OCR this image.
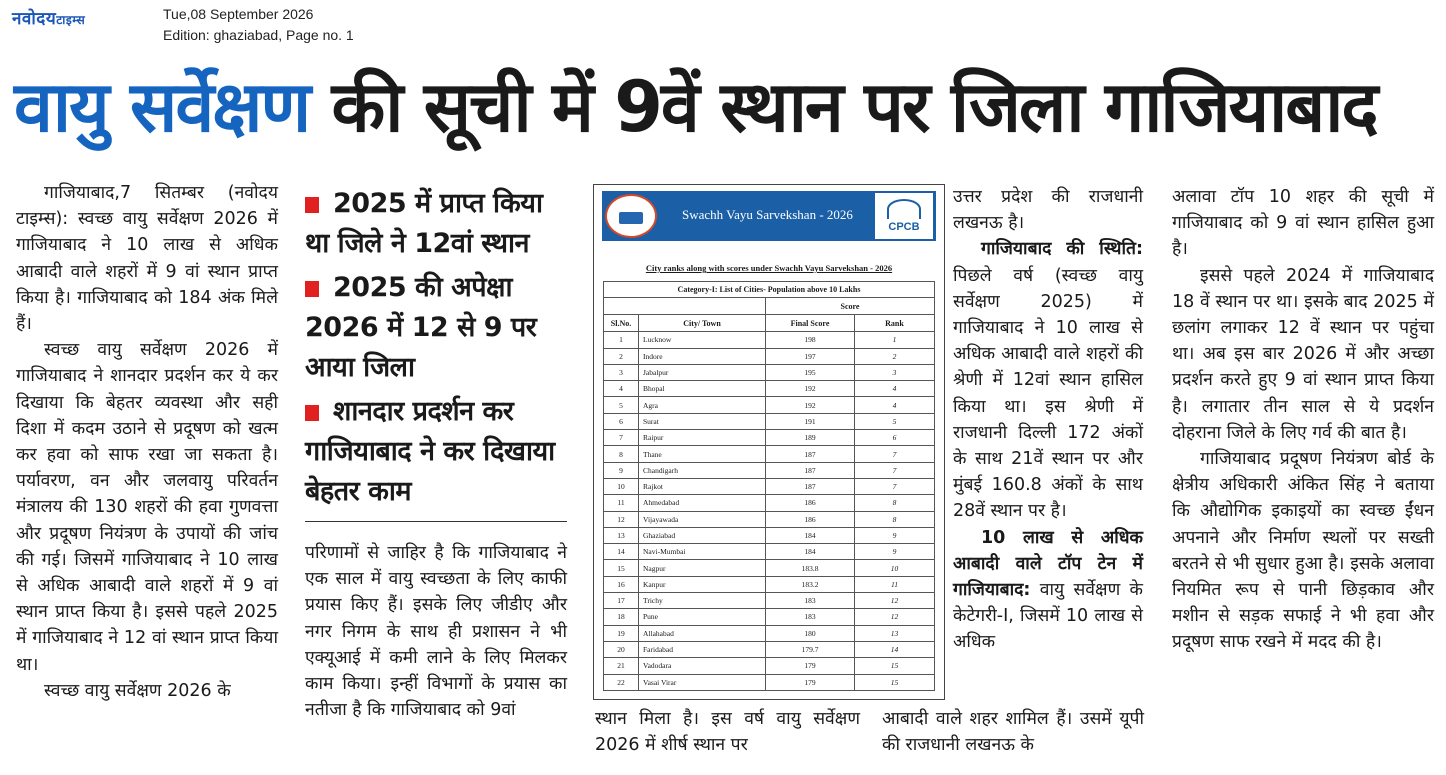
नवोदयटाइम्स	Tue,08 September 2026
Edition: ghaziabad, Page no. 1
वायु सर्वेक्षण की सूची में 9वें स्थान पर जिला गाजियाबाद

गाजियाबाद,7 सितम्बर (नवोदय टाइम्स): स्वच्छ वायु सर्वेक्षण 2026 में गाजियाबाद ने 10 लाख से अधिक आबादी वाले शहरों में 9 वां स्थान प्राप्त किया है। गाजियाबाद को 184 अंक मिले हैं।

स्वच्छ वायु सर्वेक्षण 2026 में गाजियाबाद ने शानदार प्रदर्शन कर ये कर दिखाया कि बेहतर व्यवस्था और सही दिशा में कदम उठाने से प्रदूषण को खत्म कर हवा को साफ रखा जा सकता है। पर्यावरण, वन और जलवायु परिवर्तन मंत्रालय की 130 शहरों की हवा गुणवत्ता और प्रदूषण नियंत्रण के उपायों की जांच की गई। जिसमें गाजियाबाद ने 10 लाख से अधिक आबादी वाले शहरों में 9 वां स्थान प्राप्त किया है। इससे पहले 2025 में गाजियाबाद ने 12 वां स्थान प्राप्त किया था।

स्वच्छ वायु सर्वेक्षण 2026 के

2025 में प्राप्त किया था जिले ने 12वां स्थान
2025 की अपेक्षा 2026 में 12 से 9 पर आया जिला
शानदार प्रदर्शन कर गाजियाबाद ने कर दिखाया बेहतर काम

परिणामों से जाहिर है कि गाजियाबाद ने एक साल में वायु स्वच्छता के लिए काफी प्रयास किए हैं। इसके लिए जीडीए और नगर निगम के साथ ही प्रशासन ने भी एक्यूआई में कमी लाने के लिए मिलकर काम किया। इन्हीं विभागों के प्रयास का नतीजा है कि गाजियाबाद को 9वां

Swachh Vayu Sarvekshan - 2026
CPCB
City ranks along with scores under Swachh Vayu Sarvekshan - 2026
Category-I: List of Cities- Population above 10 Lakhs			
		Score	
Sl.No.	City/ Town	Final Score	Rank
1	Lucknow	198	1
2	Indore	197	2
3	Jabalpur	195	3
4	Bhopal	192	4
5	Agra	192	4
6	Surat	191	5
7	Raipur	189	6
8	Thane	187	7
9	Chandigarh	187	7
10	Rajkot	187	7
11	Ahmedabad	186	8
12	Vijayawada	186	8
13	Ghaziabad	184	9
14	Navi-Mumbai	184	9
15	Nagpur	183.8	10
16	Kanpur	183.2	11
17	Trichy	183	12
18	Pune	183	12
19	Allahabad	180	13
20	Faridabad	179.7	14
21	Vadodara	179	15
22	Vasai Virar	179	15

उत्तर प्रदेश की राजधानी लखनऊ है।

गाजियाबाद की स्थिति: पिछले वर्ष (स्वच्छ वायु सर्वेक्षण 2025) में गाजियाबाद ने 10 लाख से अधिक आबादी वाले शहरों की श्रेणी में 12वां स्थान हासिल किया था। इस श्रेणी में राजधानी दिल्ली 172 अंकों के साथ 21वें स्थान पर और मुंबई 160.8 अंकों के साथ 28वें स्थान पर है।

10 लाख से अधिक आबादी वाले टॉप टेन में गाजियाबाद: वायु सर्वेक्षण के केटेगरी-I, जिसमें 10 लाख से अधिक

स्थान मिला है। इस वर्ष वायु सर्वेक्षण 2026 में शीर्ष स्थान पर

आबादी वाले शहर शामिल हैं। उसमें यूपी की राजधानी लखनऊ के

अलावा टॉप 10 शहर की सूची में गाजियाबाद को 9 वां स्थान हासिल हुआ है।

इससे पहले 2024 में गाजियाबाद 18 वें स्थान पर था। इसके बाद 2025 में छलांग लगाकर 12 वें स्थान पर पहुंचा था। अब इस बार 2026 में और अच्छा प्रदर्शन करते हुए 9 वां स्थान प्राप्त किया है। लगातार तीन साल से ये प्रदर्शन दोहराना जिले के लिए गर्व की बात है।

गाजियाबाद प्रदूषण नियंत्रण बोर्ड के क्षेत्रीय अधिकारी अंकित सिंह ने बताया कि औद्योगिक इकाइयों का स्वच्छ ईंधन अपनाने और निर्माण स्थलों पर सख्ती बरतने से भी सुधार हुआ है। इसके अलावा नियमित रूप से पानी छिड़काव और मशीन से सड़क सफाई ने भी हवा और प्रदूषण साफ रखने में मदद की है।
